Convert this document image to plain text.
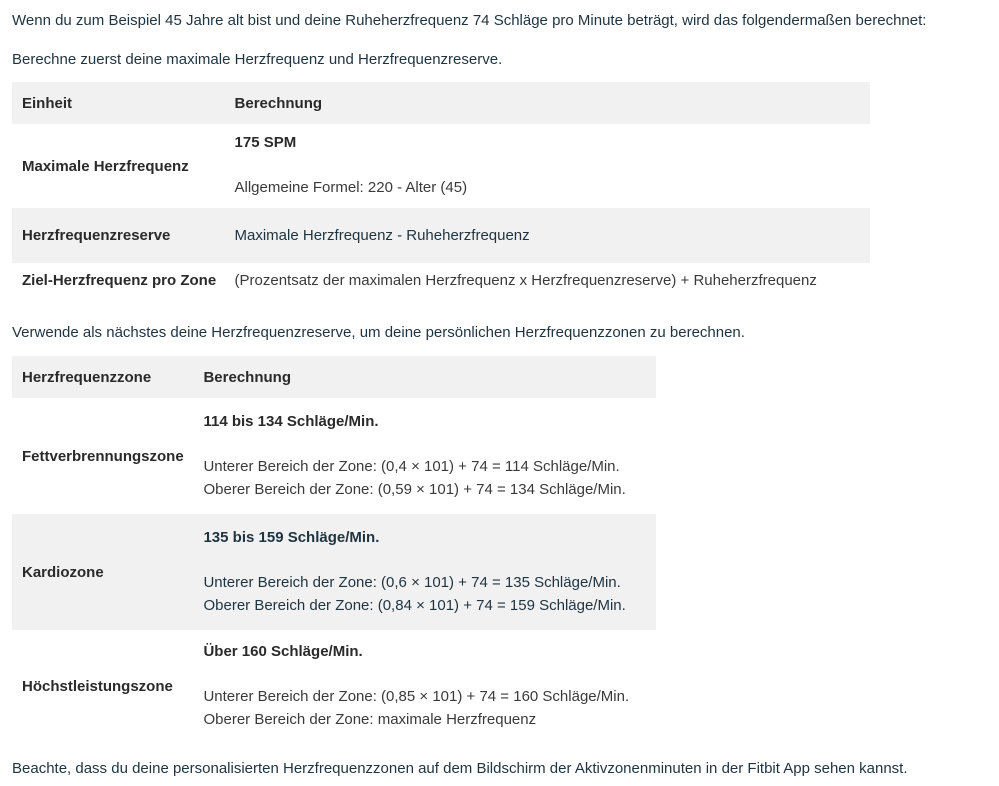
Wenn du zum Beispiel 45 Jahre alt bist und deine Ruheherzfrequenz 74 Schläge pro Minute beträgt, wird das folgendermaßen berechnet:

Berechne zuerst deine maximale Herzfrequenz und Herzfrequenzreserve.

Einheit	Berechnung
Maximale Herzfrequenz	175 SPM
Allgemeine Formel: 220 - Alter (45)

Herzfrequenzreserve	Maximale Herzfrequenz - Ruheherzfrequenz
Ziel-Herzfrequenz pro Zone	(Prozentsatz der maximalen Herzfrequenz x Herzfrequenzreserve) + Ruheherzfrequenz

Verwende als nächstes deine Herzfrequenzreserve, um deine persönlichen Herzfrequenzzonen zu berechnen.

Herzfrequenzzone	Berechnung
Fettverbrennungszone	114 bis 134 Schläge/Min.
Unterer Bereich der Zone: (0,4 × 101) + 74 = 114 Schläge/Min.
Oberer Bereich der Zone: (0,59 × 101) + 74 = 134 Schläge/Min.

Kardiozone	135 bis 159 Schläge/Min.
Unterer Bereich der Zone: (0,6 × 101) + 74 = 135 Schläge/Min.
Oberer Bereich der Zone: (0,84 × 101) + 74 = 159 Schläge/Min.

Höchstleistungszone	Über 160 Schläge/Min.
Unterer Bereich der Zone: (0,85 × 101) + 74 = 160 Schläge/Min.
Oberer Bereich der Zone: maximale Herzfrequenz

Beachte, dass du deine personalisierten Herzfrequenzzonen auf dem Bildschirm der Aktivzonenminuten in der Fitbit App sehen kannst.
